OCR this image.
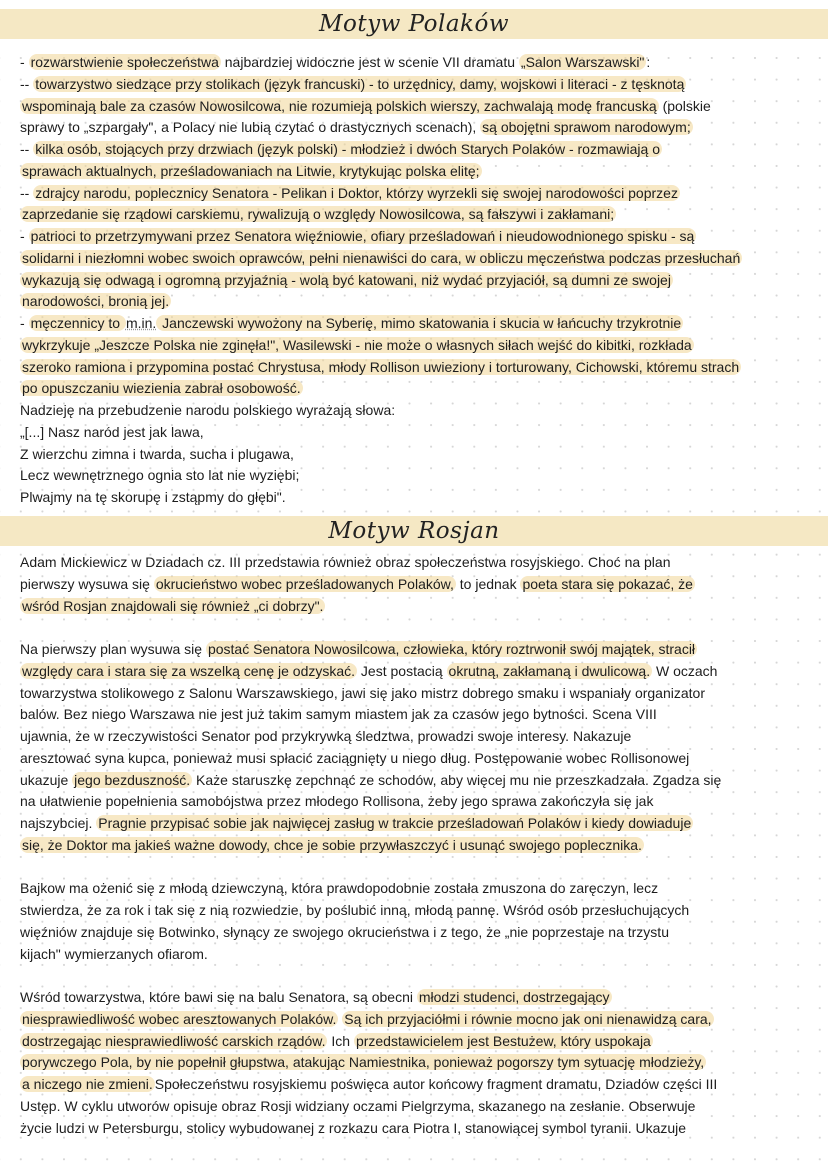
Motyw Polaków
- rozwarstwienie społeczeństwa najbardziej widoczne jest w scenie VII dramatu „Salon Warszawski" :
-- towarzystwo siedzące przy stolikach (język francuski) - to urzędnicy, damy, wojskowi i literaci - z tęsknotą
wspominają bale za czasów Nowosilcowa, nie rozumieją polskich wierszy, zachwalają modę francuską (polskie
sprawy to „szpargały", a Polacy nie lubią czytać o drastycznych scenach), są obojętni sprawom narodowym;
-- kilka osób, stojących przy drzwiach (język polski) - młodzież i dwóch Starych Polaków - rozmawiają o
sprawach aktualnych, prześladowaniach na Litwie, krytykując polska elitę;
-- zdrajcy narodu, poplecznicy Senatora - Pelikan i Doktor, którzy wyrzekli się swojej narodowości poprzez
zaprzedanie się rządowi carskiemu, rywalizują o względy Nowosilcowa, są fałszywi i zakłamani;
- patrioci to przetrzymywani przez Senatora więźniowie, ofiary prześladowań i nieudowodnionego spisku - są
solidarni i niezłomni wobec swoich oprawców, pełni nienawiści do cara, w obliczu męczeństwa podczas przesłuchań
wykazują się odwagą i ogromną przyjaźnią - wolą być katowani, niż wydać przyjaciół, są dumni ze swojej
narodowości, bronią jej.
- męczennicy to m.in. Janczewski wywożony na Syberię, mimo skatowania i skucia w łańcuchy trzykrotnie
wykrzykuje „Jeszcze Polska nie zginęła!", Wasilewski - nie może o własnych siłach wejść do kibitki, rozkłada
szeroko ramiona i przypomina postać Chrystusa, młody Rollison uwieziony i torturowany, Cichowski, któremu strach
po opuszczaniu wiezienia zabrał osobowość.
Nadzieję na przebudzenie narodu polskiego wyrażają słowa:
„[...] Nasz naród jest jak lawa,
Z wierzchu zimna i twarda, sucha i plugawa,
Lecz wewnętrznego ognia sto lat nie wyziębi;
Plwajmy na tę skorupę i zstąpmy do głębi".
Motyw Rosjan
Adam Mickiewicz w Dziadach cz. III przedstawia również obraz społeczeństwa rosyjskiego. Choć na plan
pierwszy wysuwa się okrucieństwo wobec prześladowanych Polaków, to jednak poeta stara się pokazać, że
wśród Rosjan znajdowali się również „ci dobrzy".
Na pierwszy plan wysuwa się postać Senatora Nowosilcowa, człowieka, który roztrwonił swój majątek, stracił
względy cara i stara się za wszelką cenę je odzyskać. Jest postacią okrutną, zakłamaną i dwulicową. W oczach
towarzystwa stolikowego z Salonu Warszawskiego, jawi się jako mistrz dobrego smaku i wspaniały organizator
balów. Bez niego Warszawa nie jest już takim samym miastem jak za czasów jego bytności. Scena VIII
ujawnia, że w rzeczywistości Senator pod przykrywką śledztwa, prowadzi swoje interesy. Nakazuje
aresztować syna kupca, ponieważ musi spłacić zaciągnięty u niego dług. Postępowanie wobec Rollisonowej
ukazuje jego bezduszność. Każe staruszkę zepchnąć ze schodów, aby więcej mu nie przeszkadzała. Zgadza się
na ułatwienie popełnienia samobójstwa przez młodego Rollisona, żeby jego sprawa zakończyła się jak
najszybciej. Pragnie przypisać sobie jak najwięcej zasług w trakcie prześladowań Polaków i kiedy dowiaduje
się, że Doktor ma jakieś ważne dowody, chce je sobie przywłaszczyć i usunąć swojego poplecznika.
Bajkow ma ożenić się z młodą dziewczyną, która prawdopodobnie została zmuszona do zaręczyn, lecz
stwierdza, że za rok i tak się z nią rozwiedzie, by poślubić inną, młodą pannę. Wśród osób przesłuchujących
więźniów znajduje się Botwinko, słynący ze swojego okrucieństwa i z tego, że „nie poprzestaje na trzystu
kijach" wymierzanych ofiarom.
Wśród towarzystwa, które bawi się na balu Senatora, są obecni młodzi studenci, dostrzegający
niesprawiedliwość wobec aresztowanych Polaków. Są ich przyjaciółmi i równie mocno jak oni nienawidzą cara,
dostrzegając niesprawiedliwość carskich rządów. Ich przedstawicielem jest Bestużew, który uspokaja
porywczego Pola, by nie popełnił głupstwa, atakując Namiestnika, ponieważ pogorszy tym sytuację młodzieży,
a niczego nie zmieni. Społeczeństwu rosyjskiemu poświęca autor końcowy fragment dramatu, Dziadów części III
Ustęp. W cyklu utworów opisuje obraz Rosji widziany oczami Pielgrzyma, skazanego na zesłanie. Obserwuje
życie ludzi w Petersburgu, stolicy wybudowanej z rozkazu cara Piotra I, stanowiącej symbol tyranii. Ukazuje
